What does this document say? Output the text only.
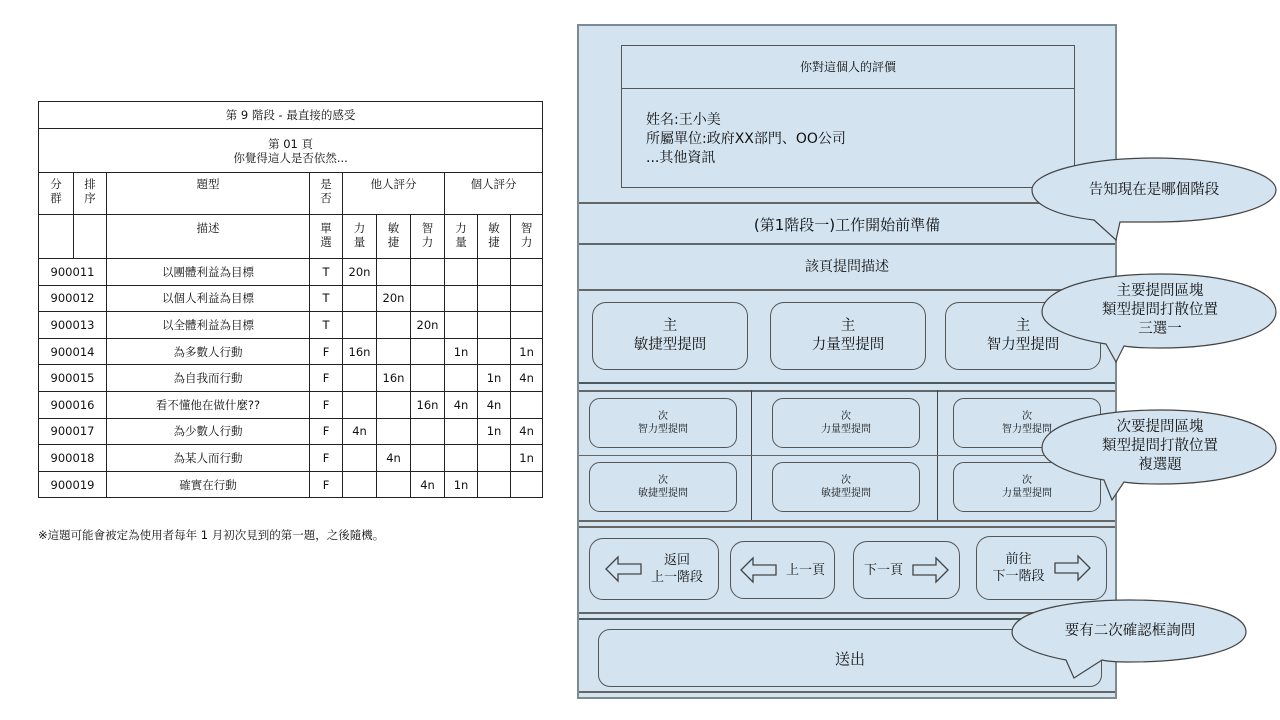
第 9 階段 - 最直接的感受									

第 01 頁
你覺得這人是否依然...									

分群	排序	題型	是否	他人評分			個人評分		
		描述	單選	力量	敏捷	智力	力量	敏捷	智力
900011		以團體利益為目標	T	20n					
900012		以個人利益為目標	T		20n				
900013		以全體利益為目標	T			20n			
900014		為多數人行動	F	16n			1n		1n
900015		為自我而行動	F		16n			1n	4n
900016		看不懂他在做什麼??	F			16n	4n	4n	
900017		為少數人行動	F	4n				1n	4n
900018		為某人而行動	F		4n				1n
900019		確實在行動	F			4n	1n		
※這題可能會被定為使用者每年 1 月初次見到的第一題，之後隨機。
你對這個人的評價
姓名:王小美
所屬單位:政府XX部門、OO公司
...其他資訊
(第1階段一)工作開始前準備
該頁提問描述
主
敏捷型提問
主
力量型提問
主
智力型提問
次
智力型提問
次
力量型提問
次
智力型提問
次
敏捷型提問
次
敏捷型提問
次
力量型提問
返回
上一階段	上一頁	下一頁
前往
下一階段
送出
告知現在是哪個階段
主要提問區塊
類型提問打散位置
三選一
次要提問區塊
類型提問打散位置
複選題
要有二次確認框詢問
